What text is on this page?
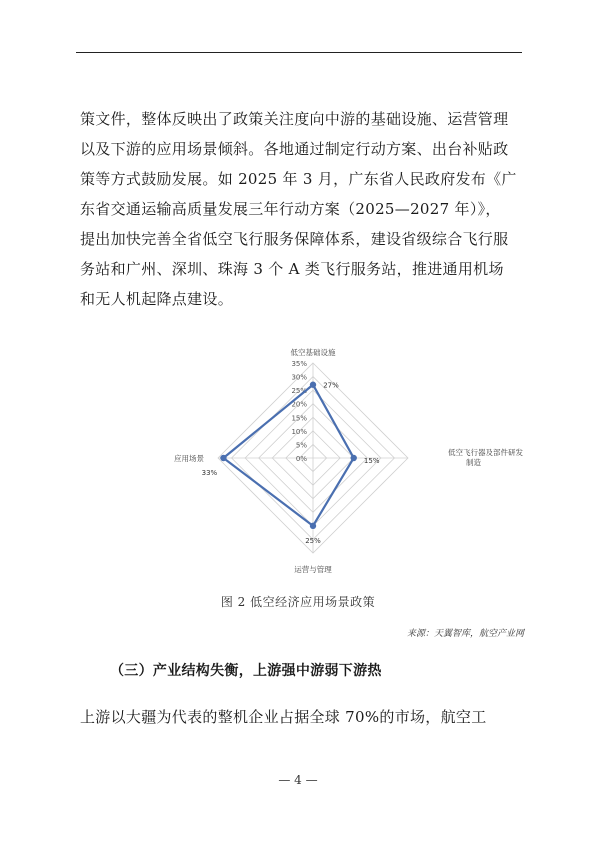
策文件，整体反映出了政策关注度向中游的基础设施、运营管理

以及下游的应用场景倾斜。各地通过制定行动方案、出台补贴政

策等方式鼓励发展。如 2025 年 3 月，广东省人民政府发布《广

东省交通运输高质量发展三年行动方案（2025—2027 年）》，

提出加快完善全省低空飞行服务保障体系，建设省级综合飞行服

务站和广州、深圳、珠海 3 个 A 类飞行服务站，推进通用机场

和无人机起降点建设。

0%
5%
10%
15%
20%
25%
30%
35%
27%
15%
25%
33%
低空基础设施
低空飞行器及部件研发制造
运营与管理
应用场景
图 2 低空经济应用场景政策
来源：天翼智库，航空产业网
（三）产业结构失衡，上游强中游弱下游热

上游以大疆为代表的整机企业占据全球 70%的市场，航空工

— 4 —
